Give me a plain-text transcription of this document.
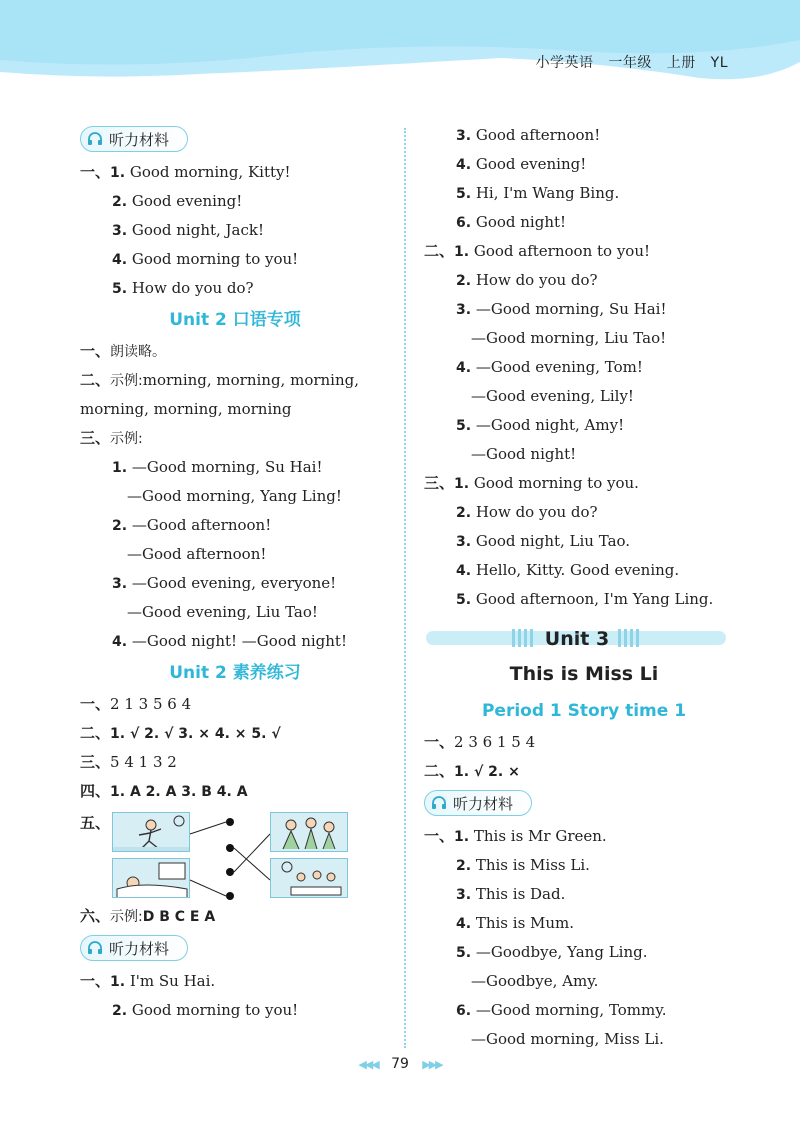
小学英语 一年级 上册 YL
听力材料
一、1. Good morning, Kitty!
2. Good evening!
3. Good night, Jack!
4. Good morning to you!
5. How do you do?
Unit 2 口语专项
一、朗读略。
二、示例:morning, morning, morning,
morning, morning, morning
三、示例:
1. —Good morning, Su Hai!
—Good morning, Yang Ling!
2. —Good afternoon!
—Good afternoon!
3. —Good evening, everyone!
—Good evening, Liu Tao!
4. —Good night! —Good night!
Unit 2 素养练习
一、2 1 3 5 6 4
二、1. √ 2. √ 3. × 4. × 5. √
三、5 4 1 3 2
四、1. A 2. A 3. B 4. A
五、
六、示例:D B C E A
听力材料
一、1. I'm Su Hai.
2. Good morning to you!
3. Good afternoon!
4. Good evening!
5. Hi, I'm Wang Bing.
6. Good night!
二、1. Good afternoon to you!
2. How do you do?
3. —Good morning, Su Hai!
—Good morning, Liu Tao!
4. —Good evening, Tom!
—Good evening, Lily!
5. —Good night, Amy!
—Good night!
三、1. Good morning to you.
2. How do you do?
3. Good night, Liu Tao.
4. Hello, Kitty. Good evening.
5. Good afternoon, I'm Yang Ling.
Unit 3
This is Miss Li
Period 1 Story time 1
一、2 3 6 1 5 4
二、1. √ 2. ×
听力材料
一、1. This is Mr Green.
2. This is Miss Li.
3. This is Dad.
4. This is Mum.
5. —Goodbye, Yang Ling.
—Goodbye, Amy.
6. —Good morning, Tommy.
—Good morning, Miss Li.
◀◀◀ 79 ▶▶▶
